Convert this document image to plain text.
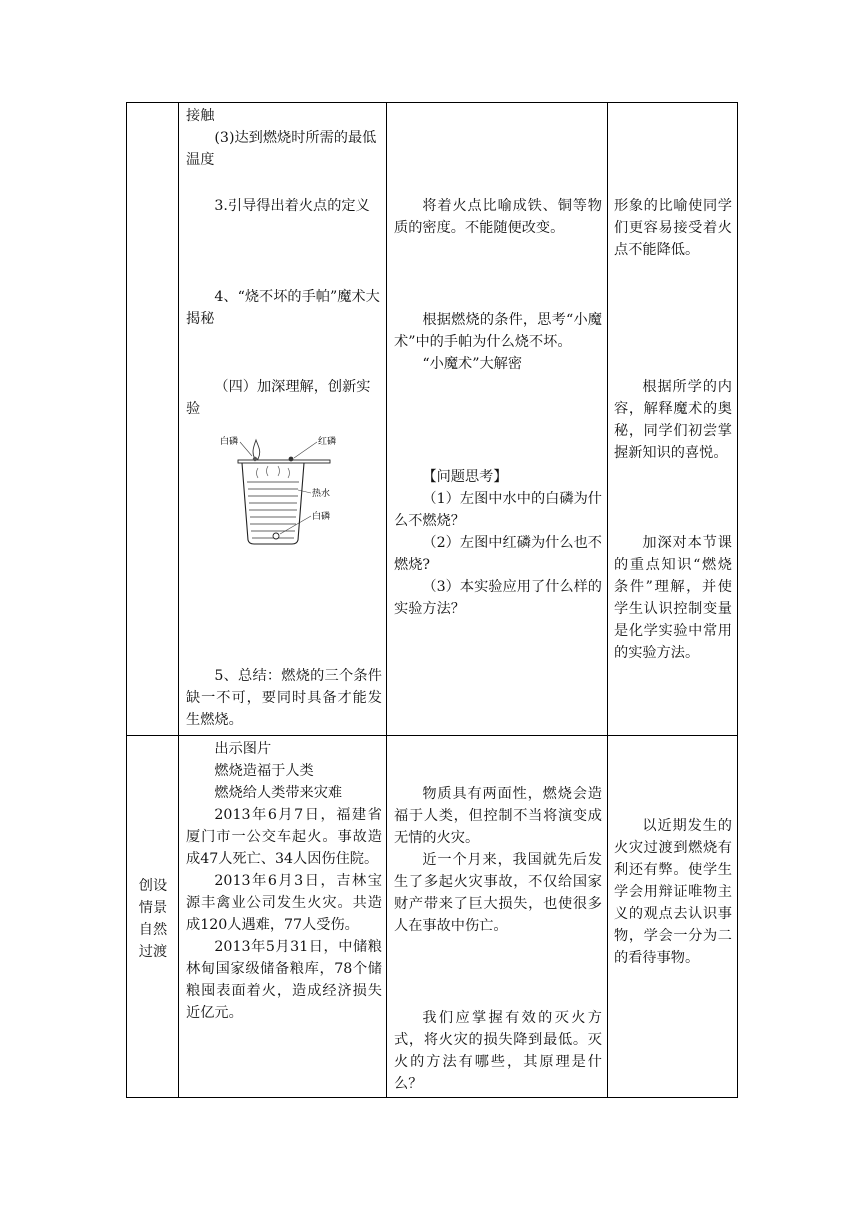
接触

(3)达到燃烧时所需的最低温度

3.引导得出着火点的定义

4、“烧不坏的手帕”魔术大揭秘

（四）加深理解，创新实验

白磷	红磷
热水
白磷

5、总结：燃烧的三个条件缺一不可，要同时具备才能发生燃烧。

将着火点比喻成铁、铜等物质的密度。不能随便改变。

根据燃烧的条件，思考“小魔术”中的手帕为什么烧不坏。

“小魔术”大解密

【问题思考】

（1）左图中水中的白磷为什么不燃烧？

（2）左图中红磷为什么也不燃烧?

（3）本实验应用了什么样的实验方法？

形象的比喻使同学们更容易接受着火点不能降低。

根据所学的内容，解释魔术的奥秘，同学们初尝掌握新知识的喜悦。

加深对本节课的重点知识“燃烧条件”理解，并使学生认识控制变量是化学实验中常用的实验方法。

创设情景自然过渡

出示图片

燃烧造福于人类

燃烧给人类带来灾难

2013年6月7日，福建省厦门市一公交车起火。事故造成47人死亡、34人因伤住院。

2013年6月3日，吉林宝源丰禽业公司发生火灾。共造成120人遇难，77人受伤。

2013年5月31日，中储粮林甸国家级储备粮库，78个储粮囤表面着火，造成经济损失近亿元。

物质具有两面性，燃烧会造福于人类，但控制不当将演变成无情的火灾。

近一个月来，我国就先后发生了多起火灾事故，不仅给国家财产带来了巨大损失，也使很多人在事故中伤亡。

我们应掌握有效的灭火方式，将火灾的损失降到最低。灭火的方法有哪些，其原理是什么？

以近期发生的火灾过渡到燃烧有利还有弊。使学生学会用辩证唯物主义的观点去认识事物，学会一分为二的看待事物。
